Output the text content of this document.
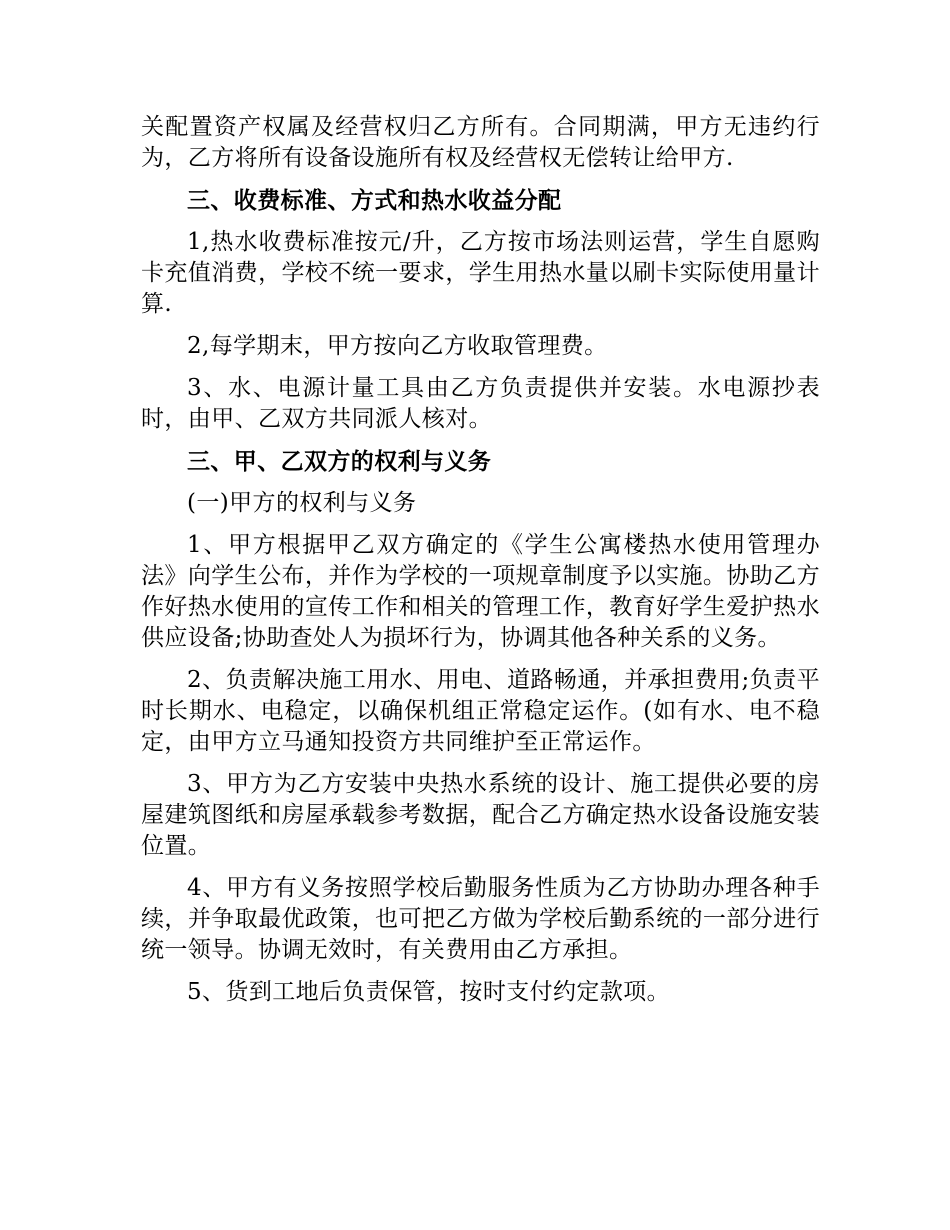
关配置资产权属及经营权归乙方所有。合同期满，甲方无违约行为，乙方将所有设备设施所有权及经营权无偿转让给甲方.

三、收费标准、方式和热水收益分配

1,热水收费标准按元/升，乙方按市场法则运营，学生自愿购卡充值消费，学校不统一要求，学生用热水量以刷卡实际使用量计算.

2,每学期末，甲方按向乙方收取管理费。

3、水、电源计量工具由乙方负责提供并安装。水电源抄表时，由甲、乙双方共同派人核对。

三、甲、乙双方的权利与义务

(一)甲方的权利与义务

1、甲方根据甲乙双方确定的《学生公寓楼热水使用管理办法》向学生公布，并作为学校的一项规章制度予以实施。协助乙方作好热水使用的宣传工作和相关的管理工作，教育好学生爱护热水供应设备;协助查处人为损坏行为，协调其他各种关系的义务。

2、负责解决施工用水、用电、道路畅通，并承担费用;负责平时长期水、电稳定，以确保机组正常稳定运作。(如有水、电不稳定，由甲方立马通知投资方共同维护至正常运作。

3、甲方为乙方安装中央热水系统的设计、施工提供必要的房屋建筑图纸和房屋承载参考数据，配合乙方确定热水设备设施安装位置。

4、甲方有义务按照学校后勤服务性质为乙方协助办理各种手续，并争取最优政策，也可把乙方做为学校后勤系统的一部分进行统一领导。协调无效时，有关费用由乙方承担。

5、货到工地后负责保管，按时支付约定款项。
